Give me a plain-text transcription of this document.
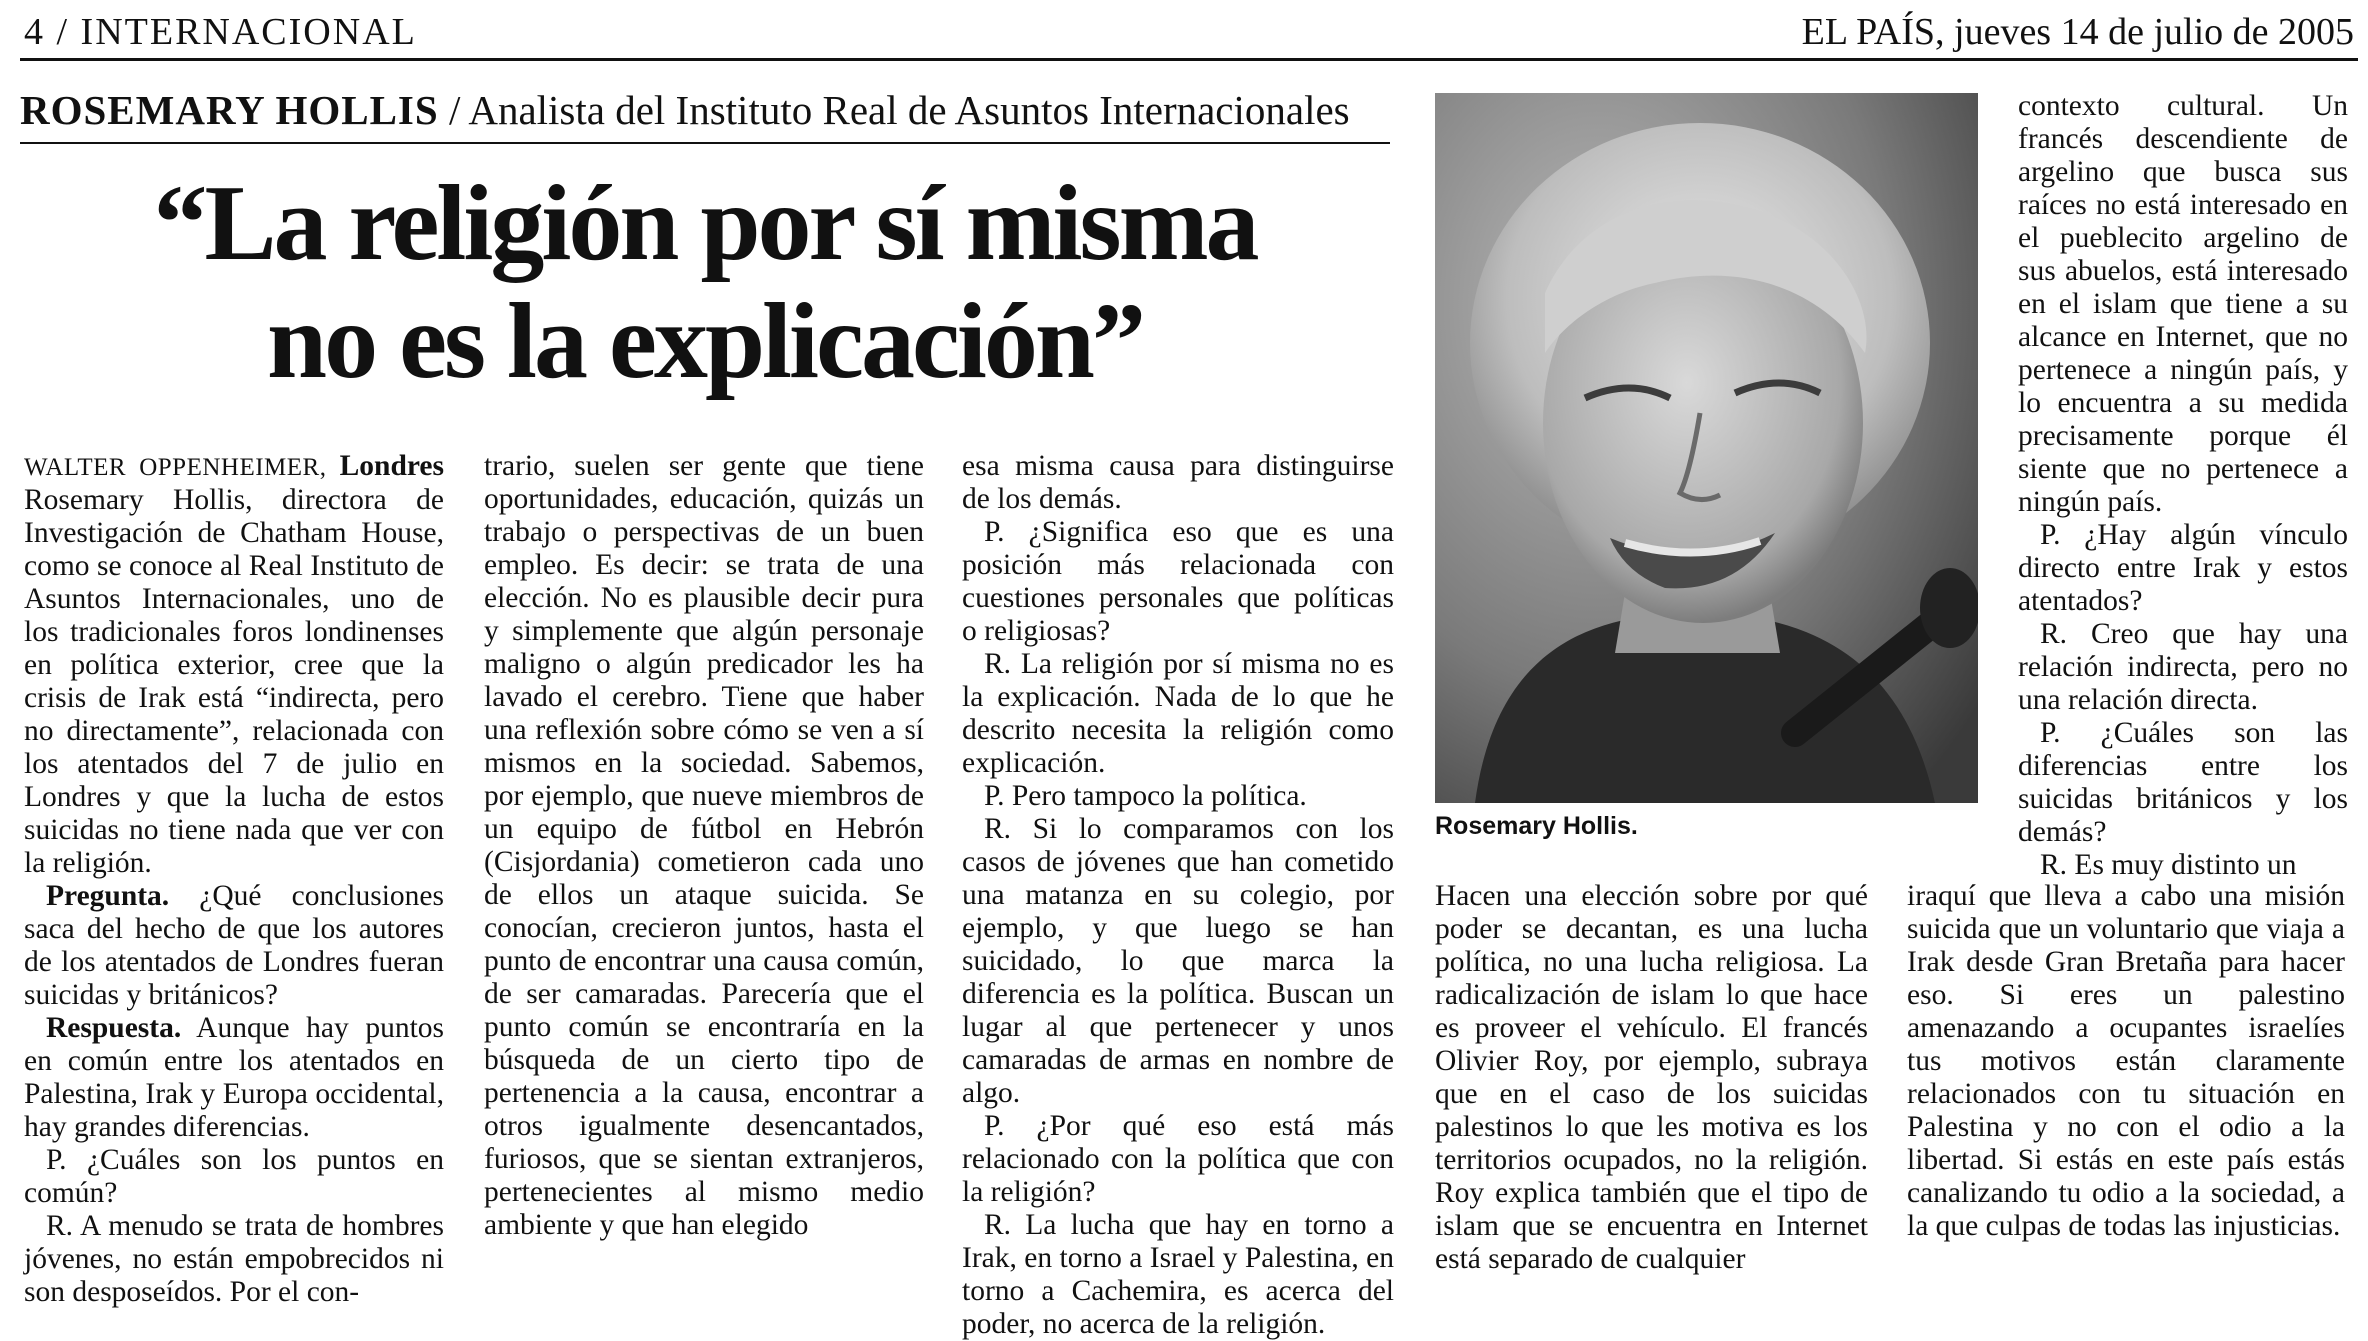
4 / INTERNACIONAL	EL PAÍS, jueves 14 de julio de 2005
ROSEMARY HOLLIS / Analista del Instituto Real de Asuntos Internacionales
“La religión por sí misma
no es la explicación”

WALTER OPPENHEIMER, Londres Rosemary Hollis, directora de Investigación de Chatham House, como se conoce al Real Instituto de Asuntos Internacionales, uno de los tradicionales foros londinenses en política exterior, cree que la crisis de Irak está “indirecta, pero no directamente”, relacionada con los atentados del 7 de julio en Londres y que la lucha de estos suicidas no tiene nada que ver con la religión.

Pregunta. ¿Qué conclusiones saca del hecho de que los autores de los atentados de Londres fueran suicidas y británicos?

Respuesta. Aunque hay puntos en común entre los atentados en Palestina, Irak y Europa occidental, hay grandes diferencias.

P. ¿Cuáles son los puntos en común?

R. A menudo se trata de hombres jóvenes, no están empobrecidos ni son desposeídos. Por el con-

trario, suelen ser gente que tiene oportunidades, educación, quizás un trabajo o perspectivas de un buen empleo. Es decir: se trata de una elección. No es plausible decir pura y simplemente que algún personaje maligno o algún predicador les ha lavado el cerebro. Tiene que haber una reflexión sobre cómo se ven a sí mismos en la sociedad. Sabemos, por ejemplo, que nueve miembros de un equipo de fútbol en Hebrón (Cisjordania) cometieron cada uno de ellos un ataque suicida. Se conocían, crecieron juntos, hasta el punto de encontrar una causa común, de ser camaradas. Parecería que el punto común se encontraría en la búsqueda de un cierto tipo de pertenencia a la causa, encontrar a otros igualmente desencantados, furiosos, que se sientan extranjeros, pertenecientes al mismo medio ambiente y que han elegido

esa misma causa para distinguirse de los demás.

P. ¿Significa eso que es una posición más relacionada con cuestiones personales que políticas o religiosas?

R. La religión por sí misma no es la explicación. Nada de lo que he descrito necesita la religión como explicación.

P. Pero tampoco la política.

R. Si lo comparamos con los casos de jóvenes que han cometido una matanza en su colegio, por ejemplo, y que luego se han suicidado, lo que marca la diferencia es la política. Buscan un lugar al que pertenecer y unos camaradas de armas en nombre de algo.

P. ¿Por qué eso está más relacionado con la política que con la religión?

R. La lucha que hay en torno a Irak, en torno a Israel y Palestina, en torno a Cachemira, es acerca del poder, no acerca de la religión.

Rosemary Hollis.

Hacen una elección sobre por qué poder se decantan, es una lucha política, no una lucha religiosa. La radicalización de islam lo que hace es proveer el vehículo. El francés Olivier Roy, por ejemplo, subraya que en el caso de los suicidas palestinos lo que les motiva es los territorios ocupados, no la religión. Roy explica también que el tipo de islam que se encuentra en Internet está separado de cualquier

iraquí que lleva a cabo una misión suicida que un voluntario que viaja a Irak desde Gran Bretaña para hacer eso. Si eres un palestino amenazando a ocupantes israelíes tus motivos están claramente relacionados con tu situación en Palestina y no con el odio a la libertad. Si estás en este país estás canalizando tu odio a la sociedad, a la que culpas de todas las injusticias.

contexto cultural. Un francés descendiente de argelino que busca sus raíces no está interesado en el pueblecito argelino de sus abuelos, está interesado en el islam que tiene a su alcance en Internet, que no pertenece a ningún país, y lo encuentra a su medida precisamente porque él siente que no pertenece a ningún país.

P. ¿Hay algún vínculo directo entre Irak y estos atentados?

R. Creo que hay una relación indirecta, pero no una relación directa.

P. ¿Cuáles son las diferencias entre los suicidas británicos y los demás?

R. Es muy distinto un
